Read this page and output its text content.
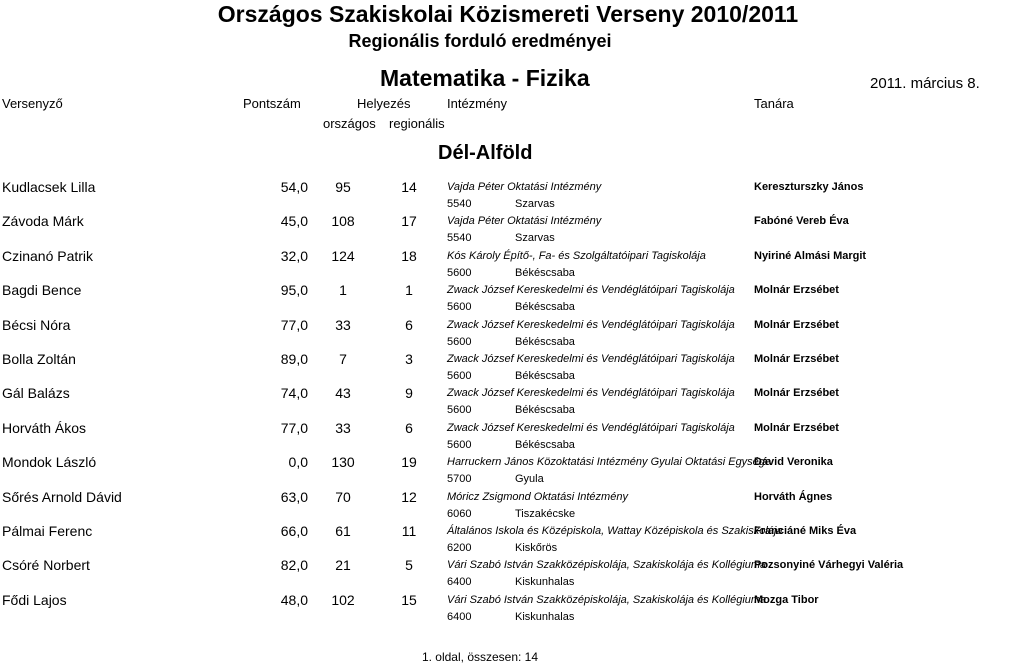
Országos Szakiskolai Közismereti Verseny 2010/2011
Regionális forduló eredményei
Matematika - Fizika	2011. március 8.
Versenyző	Pontszám	Helyezés	Intézmény	Tanára
országos regionális
Dél-Alföld
Kudlacsek Lilla	54,0	95	14	Vajda Péter Oktatási Intézmény
5540	Szarvas
Kereszturszky János
Závoda Márk	45,0	108	17	Vajda Péter Oktatási Intézmény
5540	Szarvas
Fabóné Vereb Éva
Czinanó Patrik	32,0	124	18	Kós Károly Építő-, Fa- és Szolgáltatóipari Tagiskolája
5600	Békéscsaba
Nyiriné Almási Margit
Bagdi Bence	95,0	1	1	Zwack József Kereskedelmi és Vendéglátóipari Tagiskolája
5600	Békéscsaba
Molnár Erzsébet
Bécsi Nóra	77,0	33	6	Zwack József Kereskedelmi és Vendéglátóipari Tagiskolája
5600	Békéscsaba
Molnár Erzsébet
Bolla Zoltán	89,0	7	3	Zwack József Kereskedelmi és Vendéglátóipari Tagiskolája
5600	Békéscsaba
Molnár Erzsébet
Gál Balázs	74,0	43	9	Zwack József Kereskedelmi és Vendéglátóipari Tagiskolája
5600	Békéscsaba
Molnár Erzsébet
Horváth Ákos	77,0	33	6	Zwack József Kereskedelmi és Vendéglátóipari Tagiskolája
5600	Békéscsaba
Molnár Erzsébet
Mondok László	0,0	130	19	Harruckern János Közoktatási Intézmény Gyulai Oktatási Egysége
5700	Gyula
Dávid Veronika
Sőrés Arnold Dávid	63,0	70	12	Móricz Zsigmond Oktatási Intézmény
6060	Tiszakécske
Horváth Ágnes
Pálmai Ferenc	66,0	61	11	Általános Iskola és Középiskola, Wattay Középiskola és Szakiskolája
6200	Kiskőrös
Franciáné Miks Éva
Csóré Norbert	82,0	21	5	Vári Szabó István Szakközépiskolája, Szakiskolája és Kollégiuma
6400	Kiskunhalas
Pozsonyiné Várhegyi Valéria
Fődi Lajos	48,0	102	15	Vári Szabó István Szakközépiskolája, Szakiskolája és Kollégiuma
6400	Kiskunhalas
Mozga Tibor
1. oldal, összesen: 14
